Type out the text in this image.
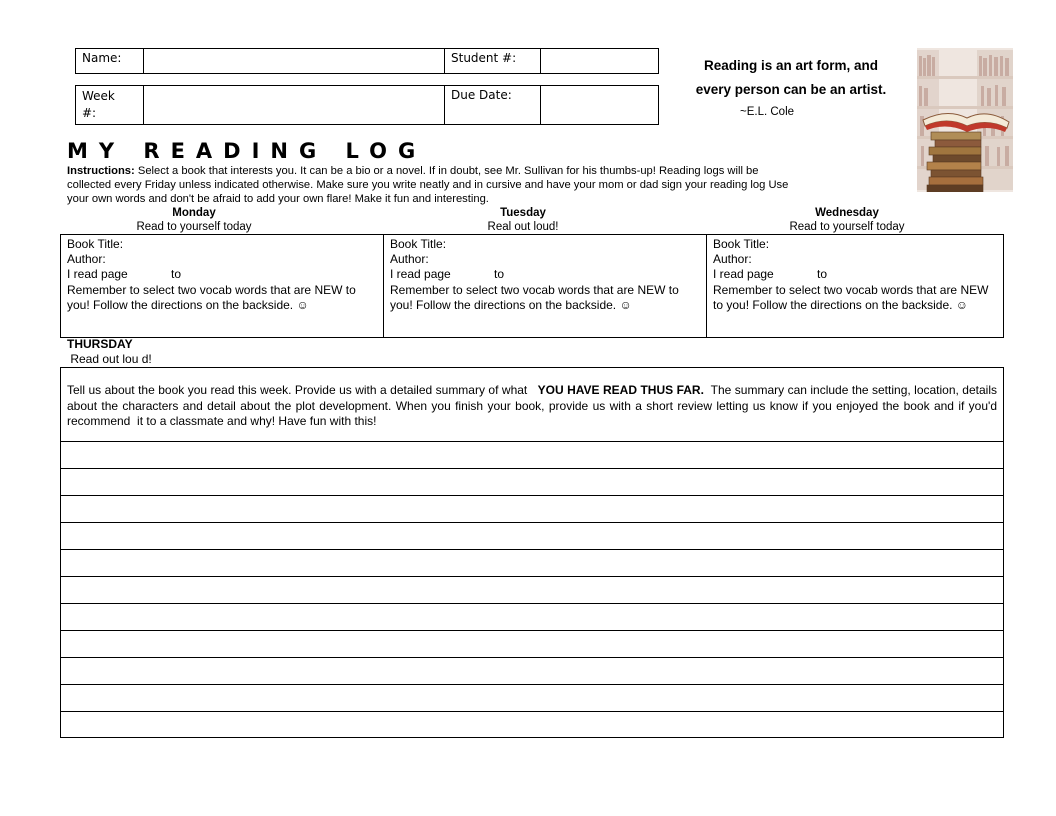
Name:		Student #:	
Week
#:		Due Date:	
Reading is an art form, and
every person can be an artist.
~E.L. Cole
MY READING LOG
Instructions: Select a book that interests you. It can be a bio or a novel. If in doubt, see Mr. Sullivan for his thumbs-up! Reading logs will be collected every Friday unless indicated otherwise. Make sure you write neatly and in cursive and have your mom or dad sign your reading log Use your own words and don't be afraid to add your own flare! Make it fun and interesting.
Monday
Read to yourself today
Tuesday
Real out loud!
Wednesday
Read to yourself today
Book Title:
Author:
I read page             to
Remember to select two vocab words that are NEW to you! Follow the directions on the backside. ☺

Book Title:
Author:
I read page             to
Remember to select two vocab words that are NEW to you! Follow the directions on the backside. ☺

Book Title:
Author:
I read page             to
Remember to select two vocab words that are NEW to you! Follow the directions on the backside. ☺
THURSDAY
Read out lou d!
Tell us about the book you read this week. Provide us with a detailed summary of what   YOU HAVE READ THUS FAR.  The summary can include the setting, location, details about the characters and detail about the plot development. When you finish your book, provide us with a short review letting us know if you enjoyed the book and if you'd recommend  it to a classmate and why! Have fun with this!
